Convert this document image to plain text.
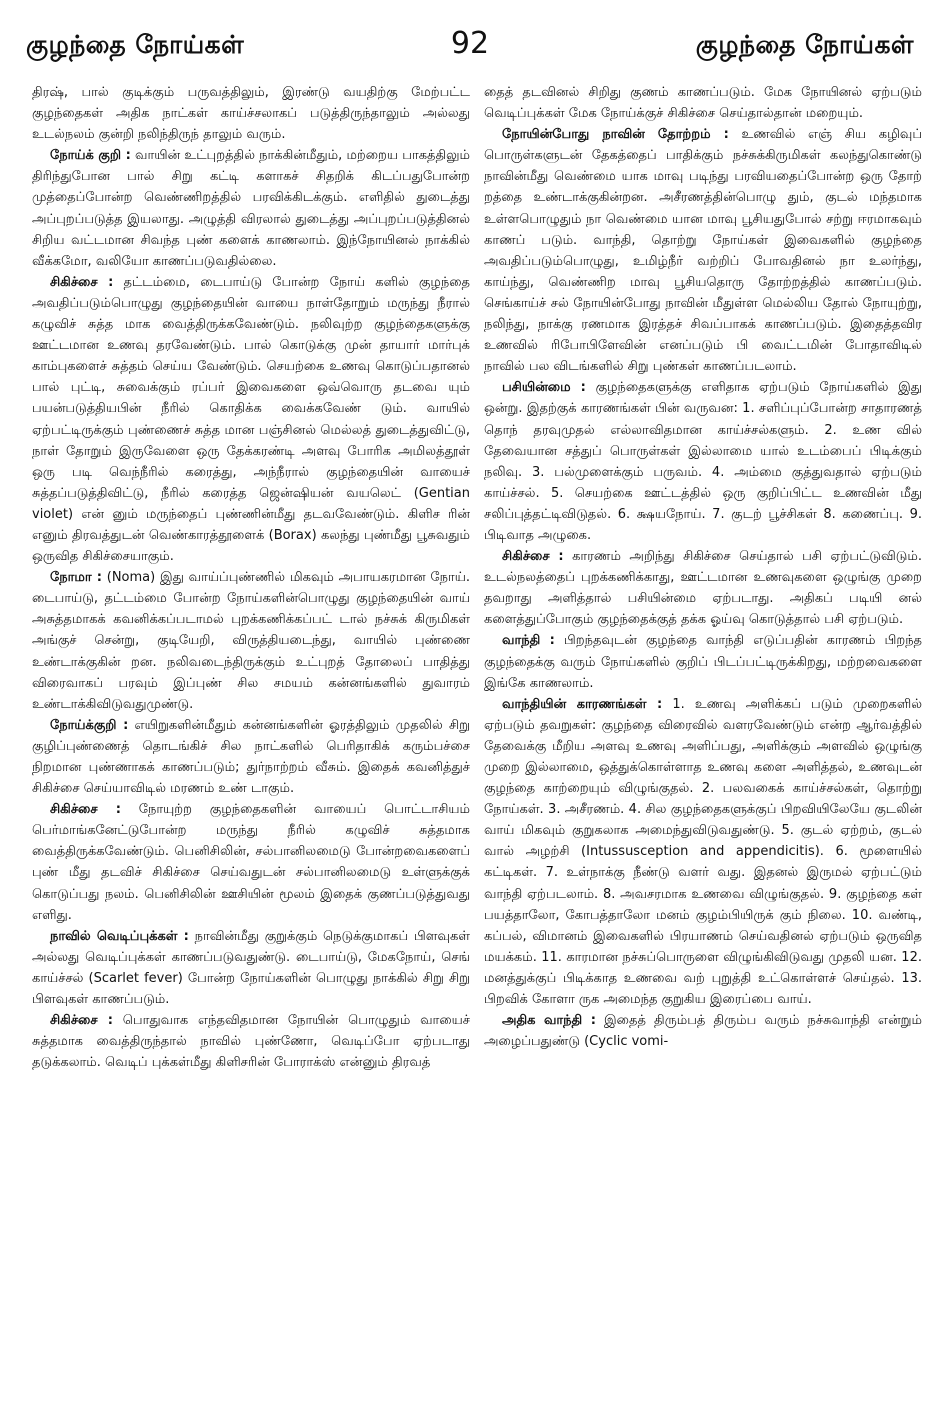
குழந்தை நோய்கள்	92	குழந்தை நோய்கள்

திரஷ், பால் குடிக்கும் பருவத்திலும், இரண்டு வயதிற்கு மேற்பட்ட குழந்தைகள் அதிக நாட்கள் காய்ச்சலாகப் படுத்திருந்தாலும் அல்லது உடல்நலம் குன்றி நலிந்திருந் தாலும் வரும்.

நோய்க் குறி : வாயின் உட்புறத்தில் நாக்கின்மீதும், மற்றைய பாகத்திலும் திரிந்துபோன பால் சிறு கட்டி களாகச் சிதறிக் கிடப்பதுபோன்ற முத்தைப்போன்ற வெண்ணிறத்தில் பரவிக்கிடக்கும். எளிதில் துடைத்து அப்புறப்படுத்த இயலாது. அழுத்தி விரலால் துடைத்து அப்புறப்படுத்தினல் சிறிய வட்டமான சிவந்த புண் களைக் காணலாம். இந்நோயினல் நாக்கில் வீக்கமோ, வலியோ காணப்படுவதில்லை.

சிகிச்சை : தட்டம்மை, டைபாய்டு போன்ற நோய் களில் குழந்தை அவதிப்படும்பொழுது குழந்தையின் வாயை நாள்தோறும் மருந்து நீரால் கழுவிச் சுத்த மாக வைத்திருக்கவேண்டும். நலிவுற்ற குழந்தைகளுக்கு ஊட்டமான உணவு தரவேண்டும். பால் கொடுக்கு முன் தாயார் மார்புக் காம்புகளைச் சுத்தம் செய்ய வேண்டும். செயற்கை உணவு கொடுப்பதானல் பால் புட்டி, சுவைக்கும் ரப்பர் இவைகளை ஒவ்வொரு தடவை யும் பயன்படுத்தியபின் நீரில் கொதிக்க வைக்கவேண் டும். வாயில் ஏற்பட்டிருக்கும் புண்ணைச் சுத்த மான பஞ்சினல் மெல்லத் துடைத்துவிட்டு, நாள் தோறும் இருவேளை ஒரு தேக்கரண்டி அளவு போரிக அமிலத்தூள் ஒரு படி வெந்நீரில் கரைத்து, அந்நீரால் குழந்தையின் வாயைச் சுத்தப்படுத்திவிட்டு, நீரில் கரைத்த ஜென்ஷியன் வயலெட் (Gentian violet) என் னும் மருந்தைப் புண்ணின்மீது தடவவேண்டும். கிளிச ரின் எனும் திரவத்துடன் வெண்காரத்தூளைக் (Borax) கலந்து புண்மீது பூசுவதும் ஒருவித சிகிச்சையாகும்.

நோமா : (Noma) இது வாய்ப்புண்ணில் மிகவும் அபாயகரமான நோய். டைபாய்டு, தட்டம்மை போன்ற நோய்களின்பொழுது குழந்தையின் வாய் அசுத்தமாகக் கவனிக்கப்படாமல் புறக்கணிக்கப்பட் டால் நச்சுக் கிருமிகள் அங்குச் சென்று, குடியேறி, விருத்தியடைந்து, வாயில் புண்ணை உண்டாக்குகின் றன. நலிவடைந்திருக்கும் உட்புறத் தோலைப் பாதித்து விரைவாகப் பரவும் இப்புண் சில சமயம் கன்னங்களில் துவாரம் உண்டாக்கிவிடுவதுமுண்டு.

நோய்க்குறி : எயிறுகளின்மீதும் கன்னங்களின் ஓரத்திலும் முதலில் சிறு குழிப்புண்ணைத் தொடங்கிச் சில நாட்களில் பெரிதாகிக் கரும்பச்சை நிறமான புண்ணாகக் காணப்படும்; துர்நாற்றம் வீசும். இதைக் கவனித்துச் சிகிச்சை செய்யாவிடில் மரணம் உண் டாகும்.

சிகிச்சை : நோயுற்ற குழந்தைகளின் வாயைப் பொட்டாசியம் பெர்மாங்கனேட்டுபோன்ற மருந்து நீரில் கழுவிச் சுத்தமாக வைத்திருக்கவேண்டும். பெனிசிலின், சல்பானிலமைடு போன்றவைகளைப் புண் மீது தடவிச் சிகிச்சை செய்வதுடன் சல்பானிலமைடு உள்ளுக்குக் கொடுப்பது நலம். பெனிசிலின் ஊசியின் மூலம் இதைக் குணப்படுத்துவது எளிது.

நாவில் வெடிப்புக்கள் : நாவின்மீது குறுக்கும் நெடுக்குமாகப் பிளவுகள் அல்லது வெடிப்புக்கள் காணப்படுவதுண்டு. டைபாய்டு, மேகநோய், செங் காய்ச்சல் (Scarlet fever) போன்ற நோய்களின் பொழுது நாக்கில் சிறு சிறு பிளவுகள் காணப்படும்.

சிகிச்சை : பொதுவாக எந்தவிதமான நோயின் பொழுதும் வாயைச் சுத்தமாக வைத்திருந்தால் நாவில் புண்ணோ, வெடிப்போ ஏற்படாது தடுக்கலாம். வெடிப் புக்கள்மீது கிளிசரின் போராக்ஸ் என்னும் திரவத்

தைத் தடவினல் சிறிது குணம் காணப்படும். மேக நோயினல் ஏற்படும் வெடிப்புக்கள் மேக நோய்க்குச் சிகிச்சை செய்தால்தான் மறையும்.

நோயின்போது நாவின் தோற்றம் : உணவில் எஞ் சிய கழிவுப் பொருள்களுடன் தேகத்தைப் பாதிக்கும் நச்சுக்கிருமிகள் கலந்துகொண்டு நாவின்மீது வெண்மை யாக மாவு படிந்து பரவியதைப்போன்ற ஒரு தோற் றத்தை உண்டாக்குகின்றன. அசீரணத்தின்பொழு தும், குடல் மந்தமாக உள்ளபொழுதும் நா வெண்மை யான மாவு பூசியதுபோல் சற்று ஈரமாகவும் காணப் படும். வாந்தி, தொற்று நோய்கள் இவைகளில் குழந்தை அவதிப்படும்பொழுது, உமிழ்நீர் வற்றிப் போவதினல் நா உலர்ந்து, காய்ந்து, வெண்ணிற மாவு பூசியதொரு தோற்றத்தில் காணப்படும். செங்காய்ச் சல் நோயின்போது நாவின் மீதுள்ள மெல்லிய தோல் நோயுற்று, நலிந்து, நாக்கு ரணமாக இரத்தச் சிவப்பாகக் காணப்படும். இதைத்தவிர உணவில் ரிபோபிளேவின் எனப்படும் பி வைட்டமின் போதாவிடில் நாவில் பல விடங்களில் சிறு புண்கள் காணப்படலாம்.

பசியின்மை : குழந்தைகளுக்கு எளிதாக ஏற்படும் நோய்களில் இது ஒன்று. இதற்குக் காரணங்கள் பின் வருவன: 1. சளிப்புப்போன்ற சாதாரணத் தொந் தரவுமுதல் எல்லாவிதமான காய்ச்சல்களும். 2. உண வில் தேவையான சத்துப் பொருள்கள் இல்லாமை யால் உடம்பைப் பிடிக்கும் நலிவு. 3. பல்முளைக்கும் பருவம். 4. அம்மை குத்துவதால் ஏற்படும் காய்ச்சல். 5. செயற்கை ஊட்டத்தில் ஒரு குறிப்பிட்ட உணவின் மீது சலிப்புத்தட்டிவிடுதல். 6. க்ஷயநோய். 7. குடற் பூச்சிகள் 8. கணைப்பு. 9. பிடிவாத அழுகை.

சிகிச்சை : காரணம் அறிந்து சிகிச்சை செய்தால் பசி ஏற்பட்டுவிடும். உடல்நலத்தைப் புறக்கணிக்காது, ஊட்டமான உணவுகளை ஒழுங்கு முறை தவறாது அளித்தால் பசியின்மை ஏற்படாது. அதிகப் படியி னல் களைத்துப்போகும் குழந்தைக்குத் தக்க ஓய்வு கொடுத்தால் பசி ஏற்படும்.

வாந்தி : பிறந்தவுடன் குழந்தை வாந்தி எடுப்பதின் காரணம் பிறந்த குழந்தைக்கு வரும் நோய்களில் குறிப் பிடப்பட்டிருக்கிறது, மற்றவைகளை இங்கே காணலாம்.

வாந்தியின் காரணங்கள் : 1. உணவு அளிக்கப் படும் முறைகளில் ஏற்படும் தவறுகள்: குழந்தை விரைவில் வளரவேண்டும் என்ற ஆர்வத்தில் தேவைக்கு மீறிய அளவு உணவு அளிப்பது, அளிக்கும் அளவில் ஒழுங்கு முறை இல்லாமை, ஒத்துக்கொள்ளாத உணவு களை அளித்தல், உணவுடன் குழந்தை காற்றையும் விழுங்குதல். 2. பலவகைக் காய்ச்சல்கள், தொற்று நோய்கள். 3. அசீரணம். 4. சில குழந்தைகளுக்குப் பிறவியிலேயே குடலின் வாய் மிகவும் குறுகலாக அமைந்துவிடுவதுண்டு. 5. குடல் ஏற்றம், குடல் வால் அழற்சி (Intussusception and appendicitis). 6. மூளையில் கட்டிகள். 7. உள்நாக்கு நீண்டு வளர் வது. இதனல் இருமல் ஏற்பட்டும் வாந்தி ஏற்படலாம். 8. அவசரமாக உணவை விழுங்குதல். 9. குழந்தை கள் பயத்தாலோ, கோபத்தாலோ மனம் குழம்பியிருக் கும் நிலை. 10. வண்டி, கப்பல், விமானம் இவைகளில் பிரயாணம் செய்வதினல் ஏற்படும் ஒருவித மயக்கம். 11. காரமான நச்சுப்பொருளை விழுங்கிவிடுவது முதலி யன. 12. மனத்துக்குப் பிடிக்காத உணவை வற் புறுத்தி உட்கொள்ளச் செய்தல். 13. பிறவிக் கோளா ருக அமைந்த குறுகிய இரைப்பை வாய்.

அதிக வாந்தி : இதைத் திரும்பத் திரும்ப வரும் நச்சுவாந்தி என்றும் அழைப்பதுண்டு (Cyclic vomi-
